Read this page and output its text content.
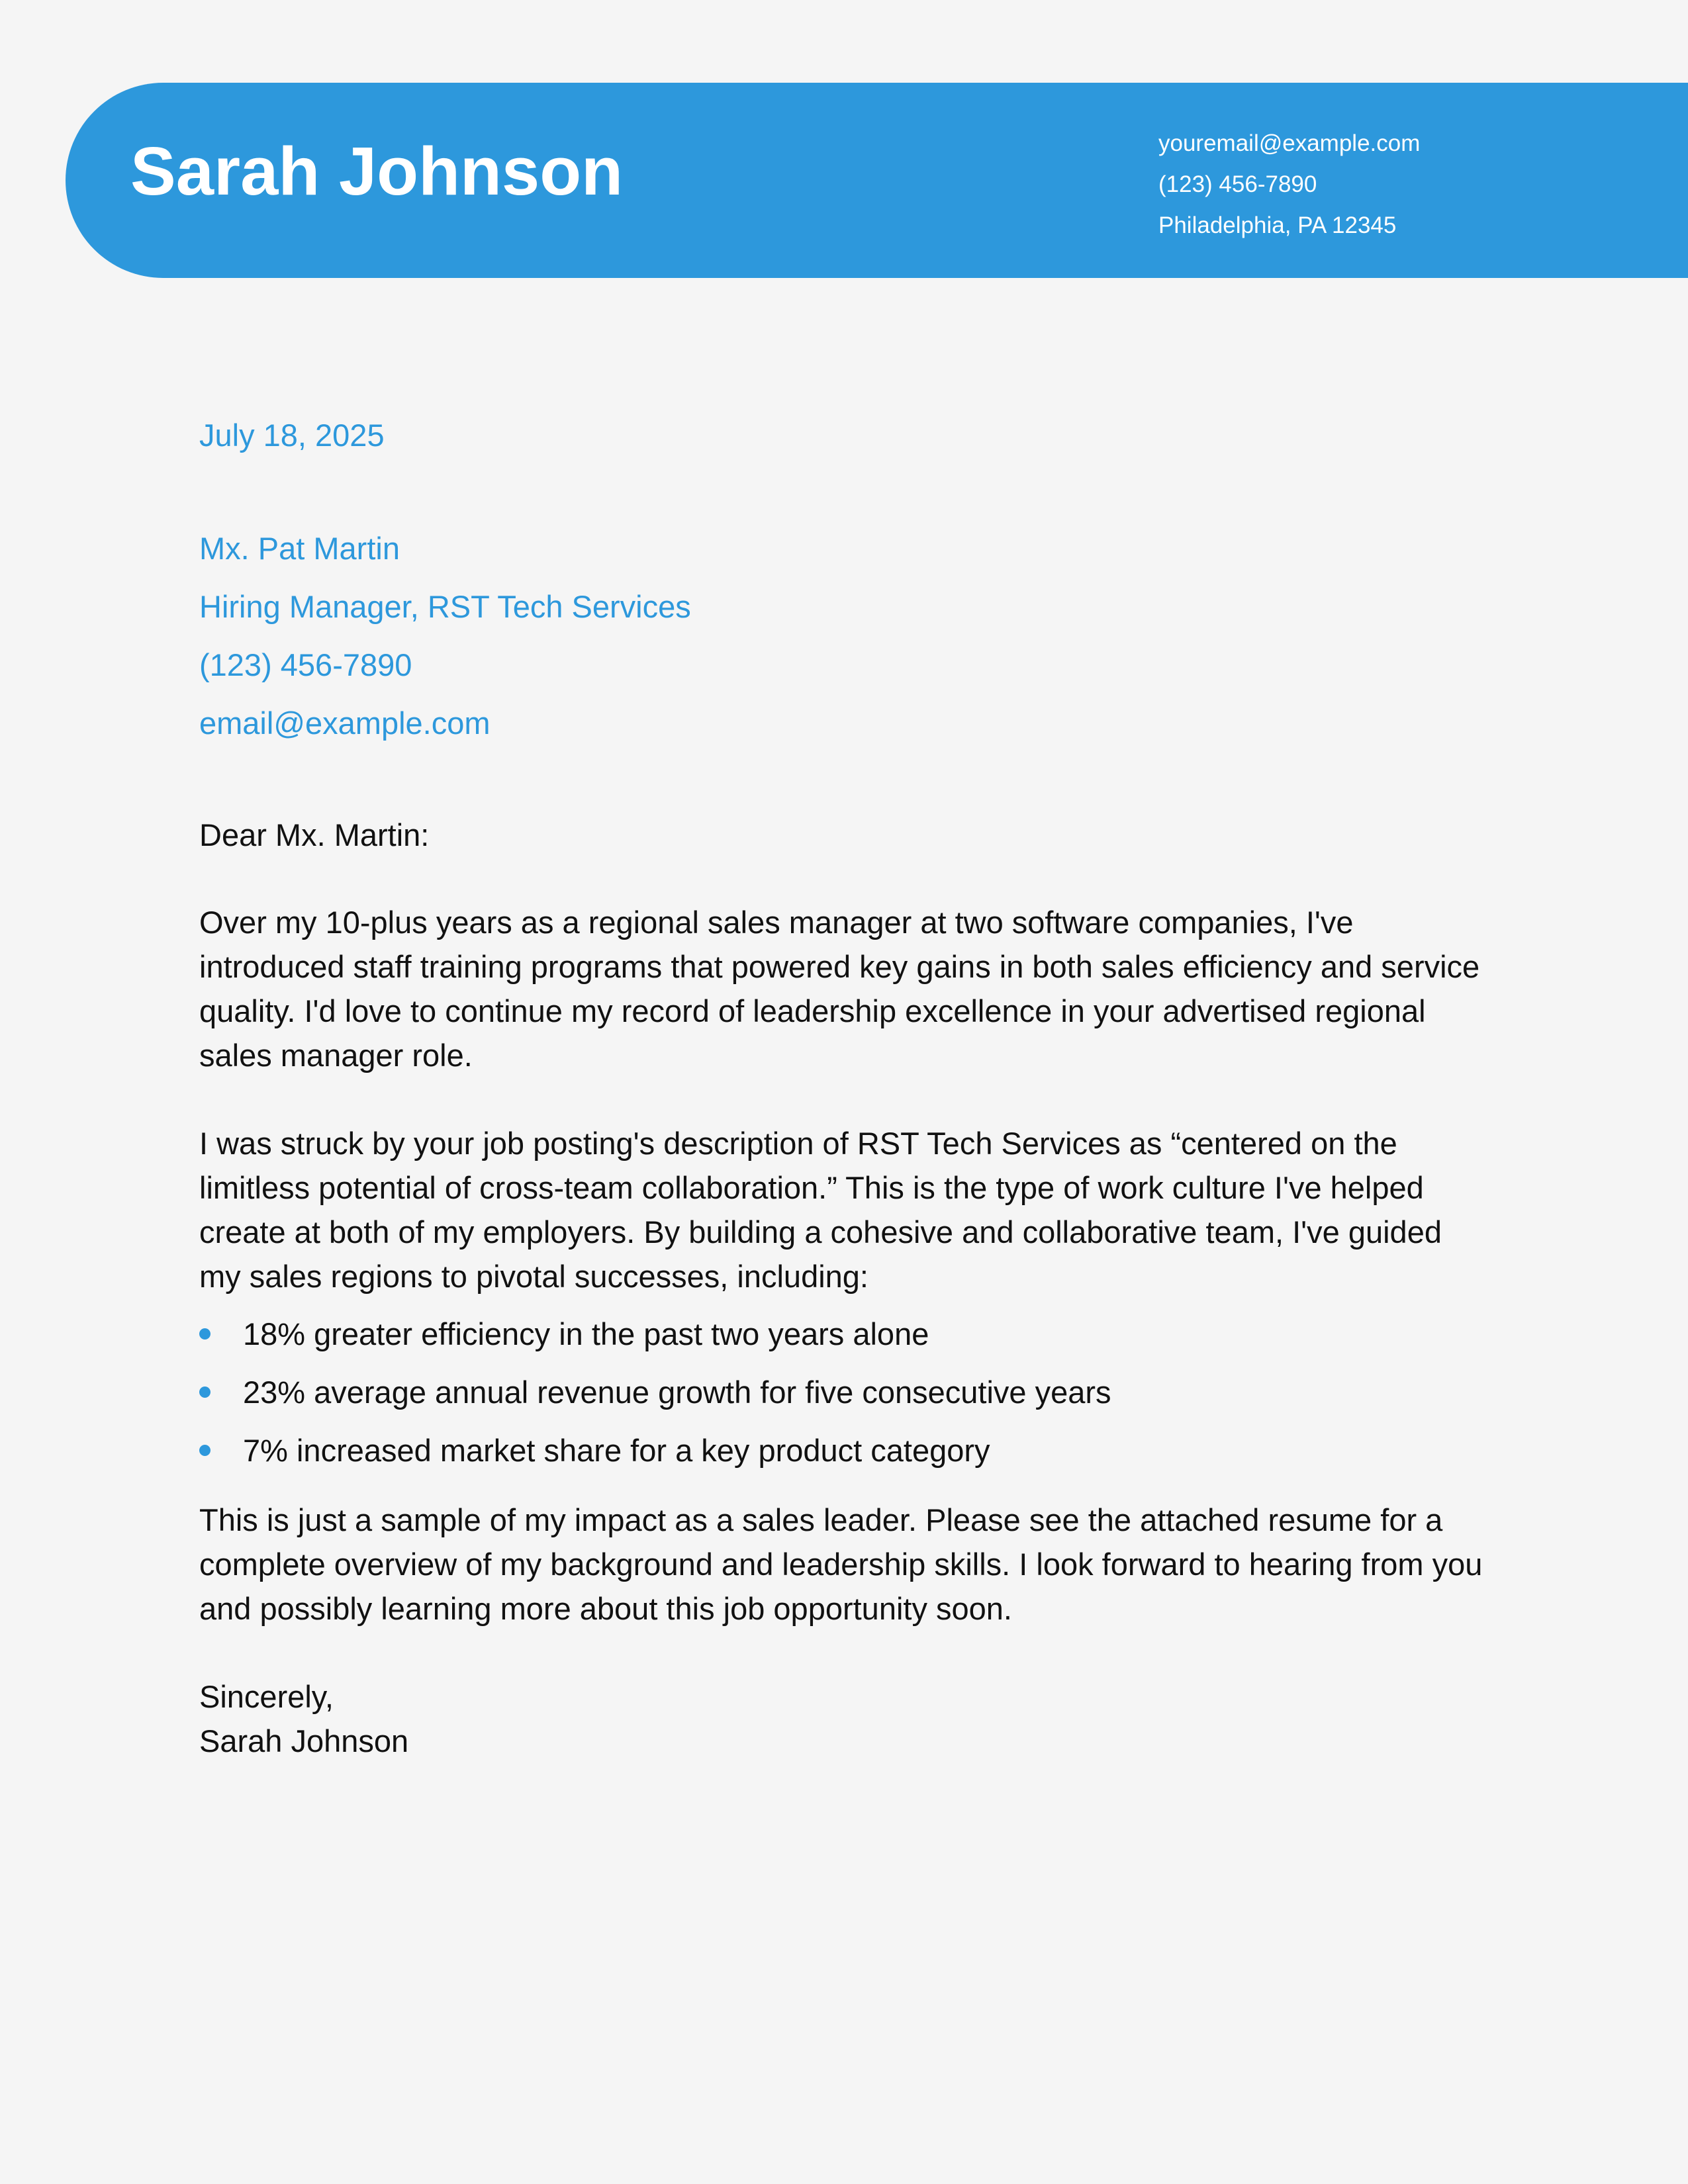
Sarah Johnson	youremail@example.com
(123) 456-7890
Philadelphia, PA 12345
July 18, 2025
Mx. Pat Martin
Hiring Manager, RST Tech Services
(123) 456-7890
email@example.com

Dear Mx. Martin:

Over my 10-plus years as a regional sales manager at two software companies, I've introduced staff training programs that powered key gains in both sales efficiency and service quality. I'd love to continue my record of leadership excellence in your advertised regional sales manager role.

I was struck by your job posting's description of RST Tech Services as “centered on the limitless potential of cross-team collaboration.” This is the type of work culture I've helped create at both of my employers. By building a cohesive and collaborative team, I've guided my sales regions to pivotal successes, including:

18% greater efficiency in the past two years alone
23% average annual revenue growth for five consecutive years
7% increased market share for a key product category

This is just a sample of my impact as a sales leader. Please see the attached resume for a complete overview of my background and leadership skills. I look forward to hearing from you and possibly learning more about this job opportunity soon.

Sincerely,

Sarah Johnson
